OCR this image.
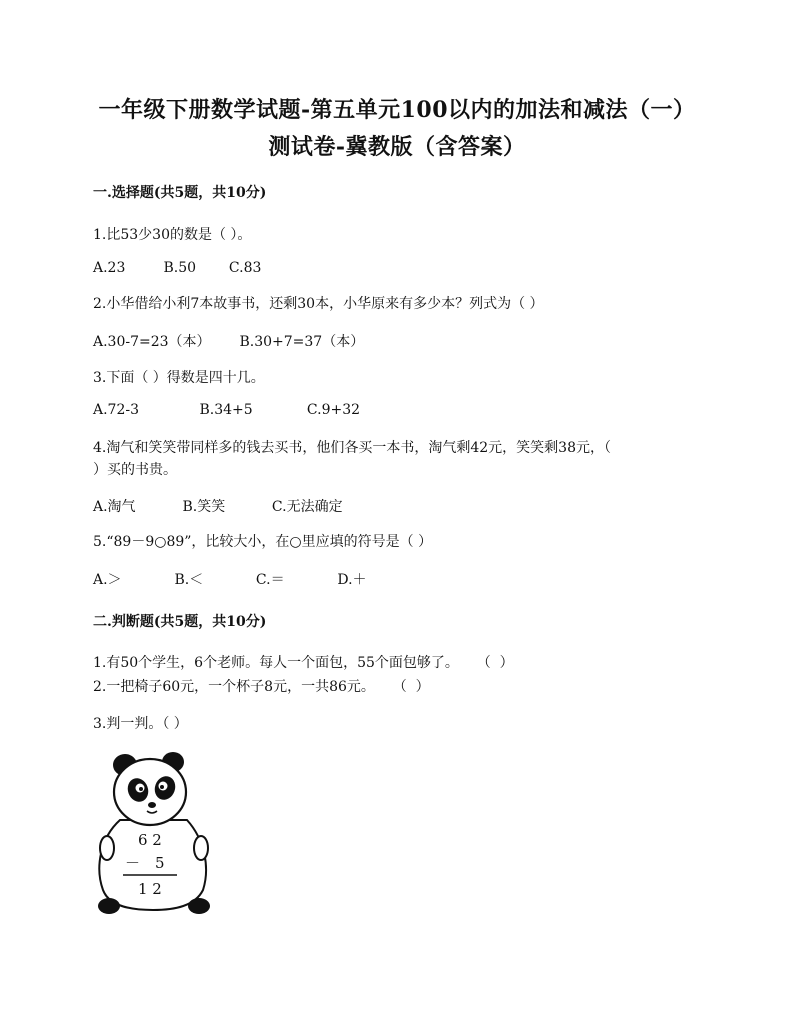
一年级下册数学试题-第五单元100以内的加法和减法（一）
测试卷-冀教版（含答案）
一.选择题(共5题，共10分)
1.比53少30的数是（ ）。
A.23	B.50 C.83
2.小华借给小利7本故事书，还剩30本，小华原来有多少本？列式为（ ）
A.30-7=23（本） B.30+7=37（本）
3.下面（ ）得数是四十几。
A.72-3	B.34+5	C.9+32
4.淘气和笑笑带同样多的钱去买书，他们各买一本书，淘气剩42元，笑笑剩38元，（
）买的书贵。
A.淘气	B.笑笑	C.无法确定
5.“89－9○89”，比较大小，在○里应填的符号是（ ）
A.＞	B.＜	C.＝	D.＋
二.判断题(共5题，共10分)
1.有50个学生，6个老师。每人一个面包，55个面包够了。    （  ）
2.一把椅子60元，一个杯子8元，一共86元。    （  ）
3.判一判。（ ）
6 2
－ 5
1 2
